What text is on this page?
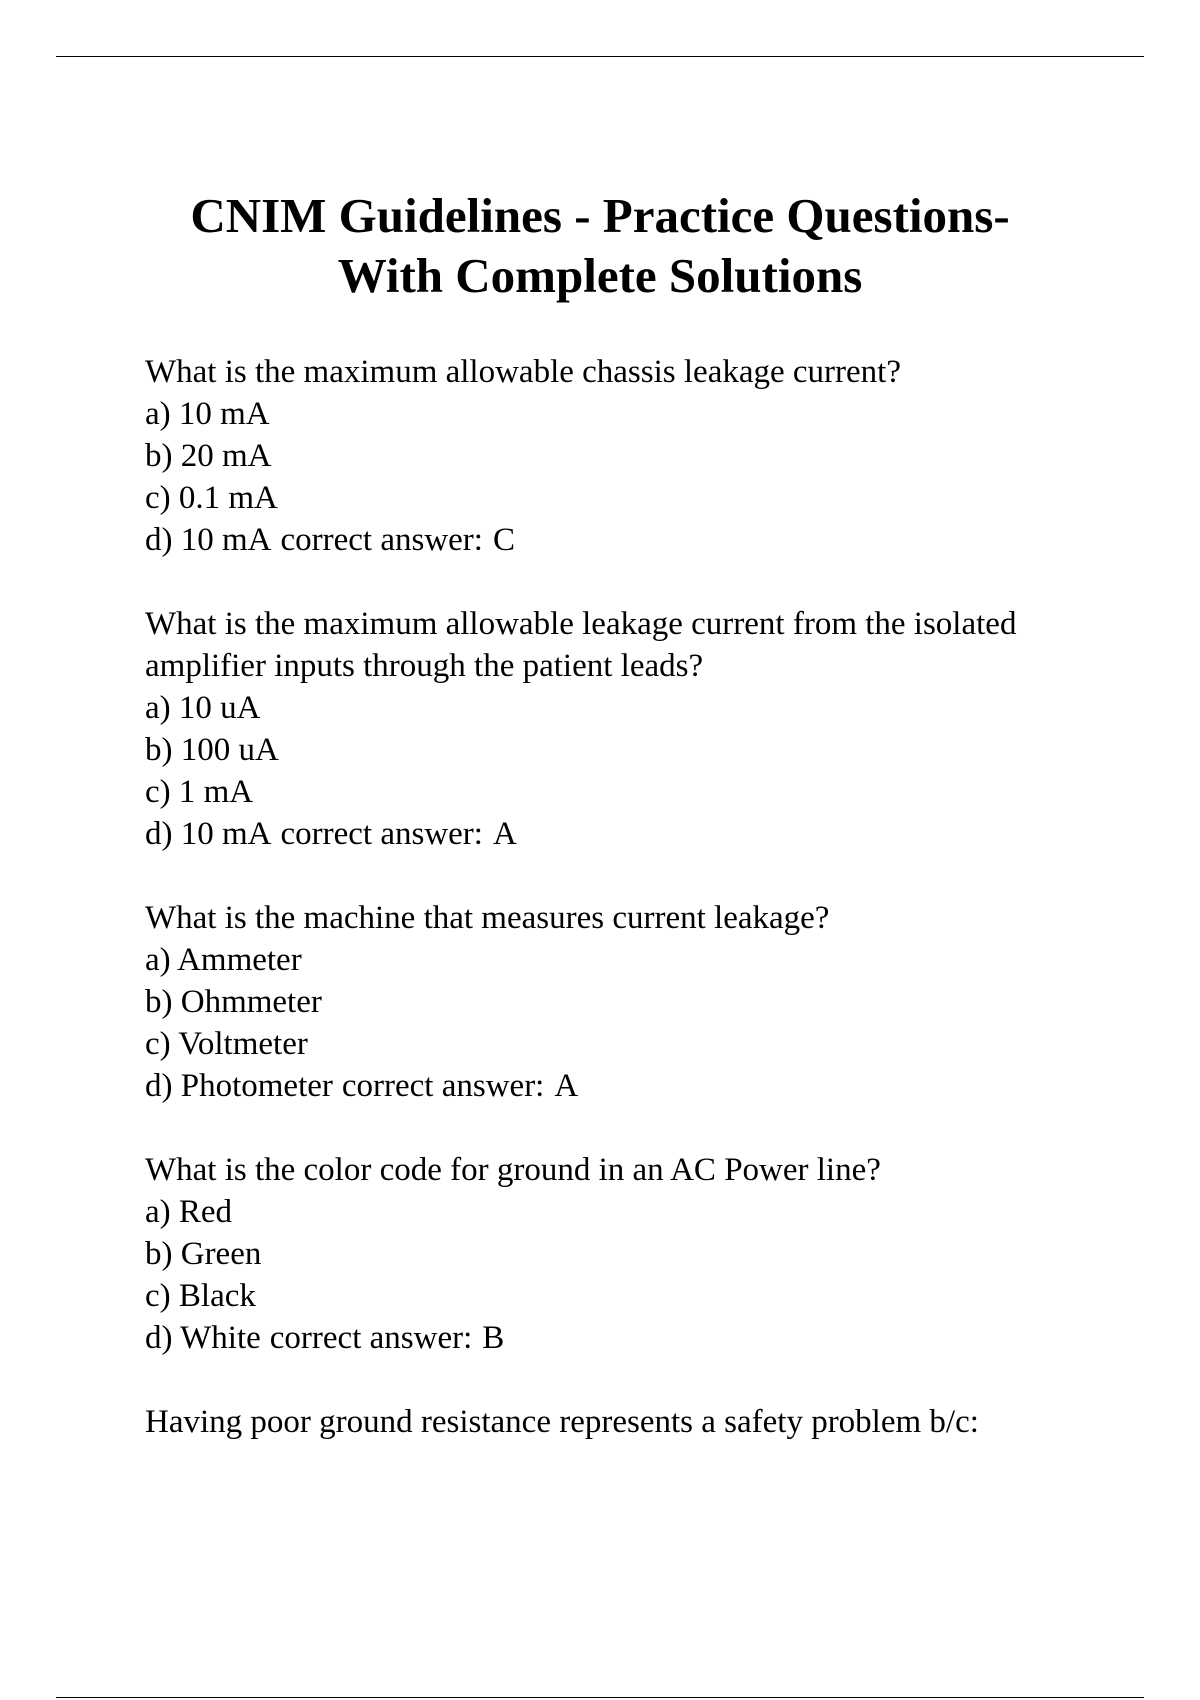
CNIM Guidelines - Practice Questions-
With Complete Solutions

What is the maximum allowable chassis leakage current?

a) 10 mA
b) 20 mA
c) 0.1 mA
d) 10 mA correct answer: C

What is the maximum allowable leakage current from the isolated amplifier inputs through the patient leads?

a) 10 uA
b) 100 uA
c) 1 mA
d) 10 mA correct answer: A

What is the machine that measures current leakage?

a) Ammeter
b) Ohmmeter
c) Voltmeter
d) Photometer correct answer: A

What is the color code for ground in an AC Power line?

a) Red
b) Green
c) Black
d) White correct answer: B

Having poor ground resistance represents a safety problem b/c:
